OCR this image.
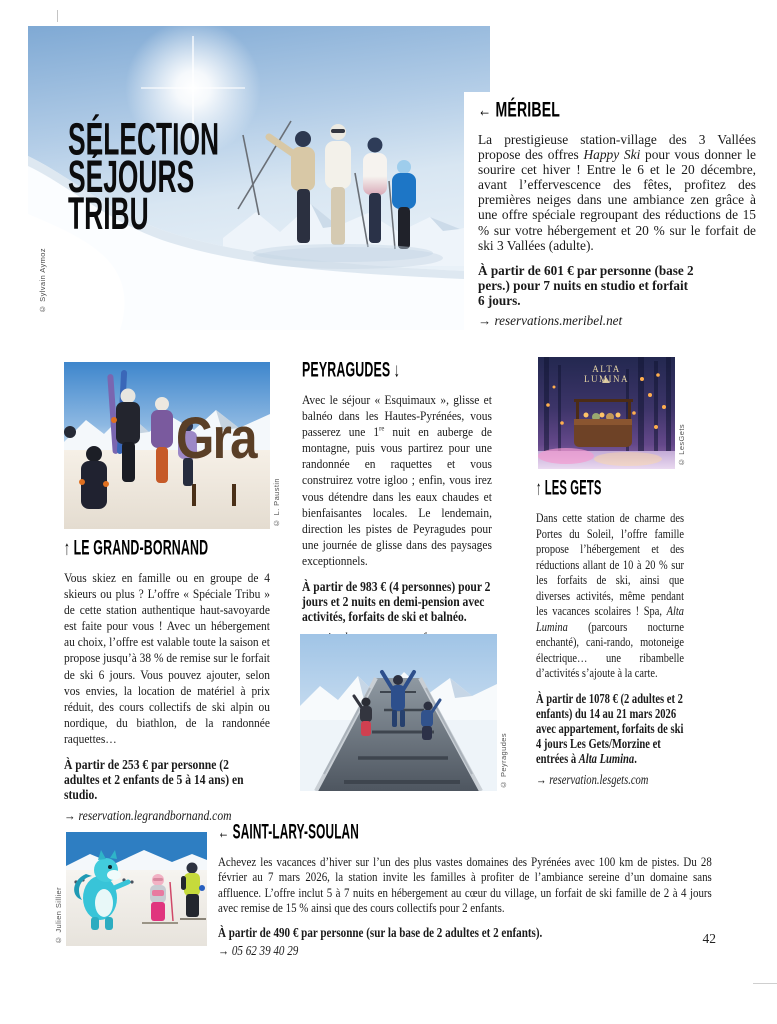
SÉLECTION
SÉJOURS
TRIBU
© Sylvain Aymoz
← MÉRIBEL

La prestigieuse station-village des 3 Vallées propose des offres Happy Ski pour vous donner le sourire cet hiver ! Entre le 6 et le 20 décembre, avant l’effervescence des fêtes, profitez des premières neiges dans une ambiance zen grâce à une offre spéciale regroupant des réductions de 15 % sur votre hébergement et 20 % sur le forfait de ski 3 Vallées (adulte).

À partir de 601 € par personne (base 2 pers.) pour 7 nuits en studio et forfait 6 jours.

→ reservations.meribel.net

Gra
© L. Paustin
↑ LE GRAND-BORNAND

Vous skiez en famille ou en groupe de 4 skieurs ou plus ? L’offre « Spéciale Tribu » de cette station authentique haut-savoyarde est faite pour vous ! Avec un hébergement au choix, l’offre est valable toute la saison et propose jusqu’à 38 % de remise sur le forfait de ski 6 jours. Vous pouvez ajouter, selon vos envies, la location de matériel à prix réduit, des cours collectifs de ski alpin ou nordique, du biathlon, de la randonnée raquettes…

À partir de 253 € par personne (2 adultes et 2 enfants de 5 à 14 ans) en studio.

→ reservation.legrandbornand.com

PEYRAGUDES ↓

Avec le séjour « Esquimaux », glisse et balnéo dans les Hautes-Pyrénées, vous passerez une 1re nuit en auberge de montagne, puis vous partirez pour une randonnée en raquettes et vous construirez votre igloo ; enfin, vous irez vous détendre dans les eaux chaudes et bienfaisantes locales. Le lendemain, direction les pistes de Peyragudes pour une journée de glisse dans des paysages exceptionnels.

À partir de 983 € (4 personnes) pour 2 jours et 2 nuits en demi-pension avec activités, forfaits de ski et balnéo.

© Peyragudes
ALTA LUMINA
© LesGets
↑ LES GETS

Dans cette station de charme des Portes du Soleil, l’offre famille propose l’hébergement et des réductions allant de 10 à 20 % sur les forfaits de ski, ainsi que diverses activités, même pendant les vacances scolaires ! Spa, Alta Lumina (parcours nocturne enchanté), cani-rando, motoneige électrique… une ribambelle d’activités s’ajoute à la carte.

À partir de 1078 € (2 adultes et 2 enfants) du 14 au 21 mars 2026 avec appartement, forfaits de ski 4 jours Les Gets/Morzine et entrées à Alta Lumina.

→ reservation.lesgets.com

© Julien Sillier
← SAINT-LARY-SOULAN

Achevez les vacances d’hiver sur l’un des plus vastes domaines des Pyrénées avec 100 km de pistes. Du 28 février au 7 mars 2026, la station invite les familles à profiter de l’ambiance sereine d’un domaine sans affluence. L’offre inclut 5 à 7 nuits en hébergement au cœur du village, un forfait de ski famille de 2 à 4 jours avec remise de 15 % ainsi que des cours collectifs pour 2 enfants.

À partir de 490 € par personne (sur la base de 2 adultes et 2 enfants).

→ 05 62 39 40 29

42
